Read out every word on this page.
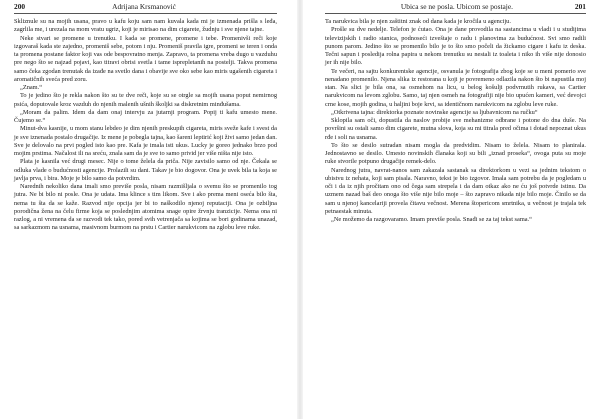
200	Adrijana Krsmanović

Skliznule su na mojih usana, pravo u kafu koju sam nam kuvala kada mi je izmenada prišla s leđa, zagrlila me, i urezala na mom vratu ugriz, koji je mirisao na dim cigarete, žudnju i sve njene tajne.

Neke stvari se promene u trenutku. I kada se promene, promene i tebe. Promenivši reči koje izgovaraš kada ste zajedno, promeniš sebe, potom i nju. Promeniš pravila igre, promeni se teren i onda ta promena postane faktor koji vas ode bespovratno menja. Zapravo, ta promena vreba dugo u vazduhu pre nego što se najzad pojavi, kao titravi obrisi svetla i tame isprepletanih na postelji. Takva promena samo čeka zgodan trenutak da izađe na svetlo dana i obavije sve oko sebe kao miris ugašenih cigareta i aromatičnih sveća pred zoru.

„Znam.“

To je jedino što je rekla nakon što su te dve reči, koje su se otrgle sa mojih usana poput nemirnog psića, doputovale kroz vazduh do njenih malenih ušnih školjki sa diskretnim minđušama.

„Moram da palim. Idem da dam onaj intervju za jutarnji program. Popij ti kafu umesto mene. Čujemo se.“

Minut-dva kasnije, u mom stanu lebdeo je dim njenih preskupih cigareta, miris sveže kafe i svest da je sve iznenada postalo drugačije. Iz mene je pobegla tajna, kao šareni leptirić koji živi samo jedan dan. Sve je delovalo na prvi pogled isto kao pre. Kafa je imala isti ukus. Lucky je goreo jednako brzo pod mojim prstima. Načalost ili na sreću, znala sam da je sve to samo privid jer više ništa nije isto.

Plata je kasnila već drugi mesec. Nije o tome želela da priča. Nije zavisilo samo od nje. Čekala se odluka vlade o budućnosti agencije. Prolazili su dani. Takav je bio dogovor. Ona je uvek bila ta koja se javlja prva, i bira. Moje je bilo samo da potvrdim.

Narednih nekoliko dana imali smo previše posla, nisam razmišljala o svemu što se promenilo tog jutra. Ne bi bilo ni posle. Ona je udata. Ima klince s tim likom. Sve i ako prema meni oseća bilo šta, nema tu šta da se kaže. Razvod nije opcija jer bi to naškodilo njenoj reputaciji. Ona je ozbiljna porodična žena na čelu firme koja se poslednjim atomima snage opire žrvnju tranzicije. Nema ona ni razlog, a ni vremena da se razvodi tek tako, pored svih vetrenjača sa kojima se bori godinama unazad, sa sarkazmom na usnama, masivnom burmom na prstu i Cartier narukvicom na zglobu leve ruke.

Ubica se ne posla. Ubicom se postaje.	201

Ta narukvica bila je njen zaštitni znak od dana kada je kročila u agenciju.

Prošle su dve nedelje. Telefon je ćutao. Ona je dane provodila na sastancima u vladi i u studijima televizijskih i radio stanica, podnoseći izveštaje o radu i planovima za budućnost. Svi smo radili punom parom. Jedino što se promenilo bilo je to što smo počeli da žickamo cigare i kafu iz deska. Tečni sapun i posledija rolna papira u nekom trenutku su nestali iz toaleta i niko ih više nije donosio jer ih nije bilo.

Te večeri, na sajtu konkurentske agencije, osvanula je fotografija zbog koje se u meni pomerio sve nenadano promenilo. Njena slika iz restorana u koji je povremeno odlazila nakon što bi napustila moj stan. Na slici je bila ona, sa osmehom na licu, u belog košulji podvrnutih rukava, sa Cartier narukvicom na levom zglobu. Samo, taj njen osmeh na fotografiji nije bio upućen kameri, već devojci crne kose, mojih godina, u haljini boje krvi, sa identičnom narukvicom na zglobu leve ruke.

„Otkrivena tajna: direktorka poznate novinske agencije sa ljubavnicom na ručku“

Sklopila sam oči, dopustila da naslov probije sve mehanizme odbrane i potone do dna duše. Na površini su ostali samo dim cigarete, mutna slova, koja su mi titrala pred očima i dotad nepoznat ukus rđe i soli na usnama.

To što se desilo sutradan nisam mogla da predvidim. Nisam to želela. Nisam to planirala. Jednostavno se desilo. Umesto novinskih članaka koji su bili „iznad proseka“, ovoga puta su moje ruke stvorile potpuno drugačije remek-delo.

Narednog jutra, navrat-nanos sam zakazala sastanak sa direktorkom u vezi sa jednim tekstom o ubistvu iz nehata, koji sam pisala. Naravno, tekst je bio izgovor. Imala sam potrebu da je pogledam u oči i da iz njih pročitam ono od čega sam strepela i da dam otkaz ako ne ću još potvrde istinu. Da uzmem nazad baš deo onoga što više nije bilo moje – što zapravo nikada nije bilo moje. Činilo se da sam u njenoj kancelariji provela čitavu večnost. Merena štopericom smrtnika, u večnost je trajala tek petnaestak minuta.

„Ne možemo da razgovaramo. Imam previše posla. Snađi se za taj tekst sama.“
